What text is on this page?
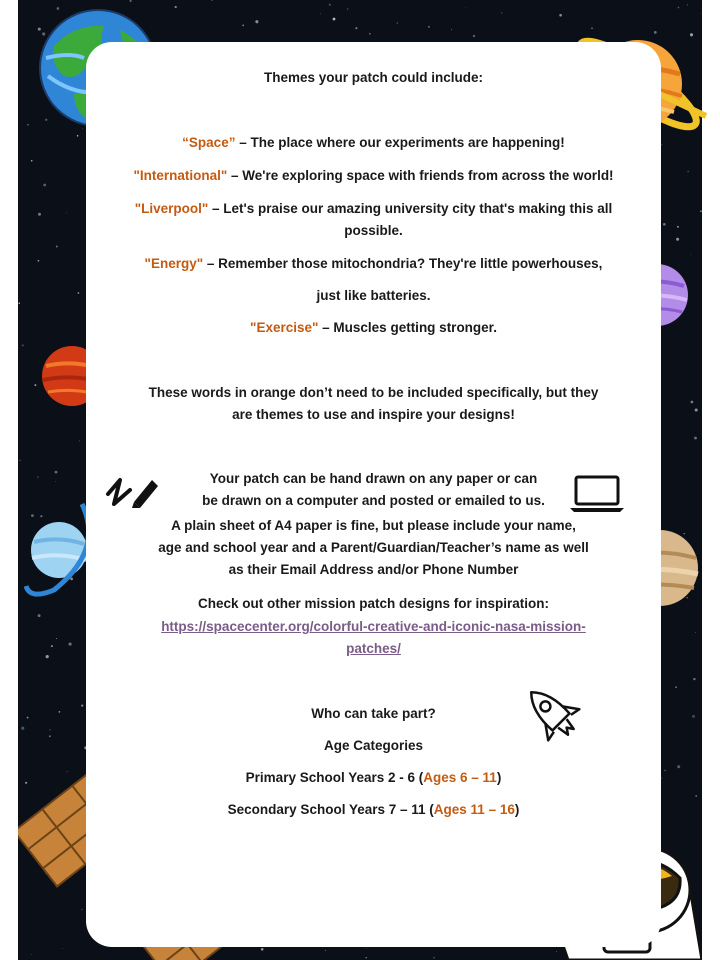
Themes your patch could include:
“Space” – The place where our experiments are happening!
"International" – We're exploring space with friends from across the world!
"Liverpool" – Let's praise our amazing university city that's making this all
possible.
"Energy" – Remember those mitochondria? They're little powerhouses,
just like batteries.
"Exercise" – Muscles getting stronger.
These words in orange don’t need to be included specifically, but they
are themes to use and inspire your designs!
Your patch can be hand drawn on any paper or can
be drawn on a computer and posted or emailed to us.
A plain sheet of A4 paper is fine, but please include your name,
age and school year and a Parent/Guardian/Teacher’s name as well
as their Email Address and/or Phone Number
Check out other mission patch designs for inspiration:
https://spacecenter.org/colorful-creative-and-iconic-nasa-mission-
patches/
Who can take part?
Age Categories
Primary School Years 2 - 6 (Ages 6 – 11)
Secondary School Years 7 – 11 (Ages 11 – 16)
